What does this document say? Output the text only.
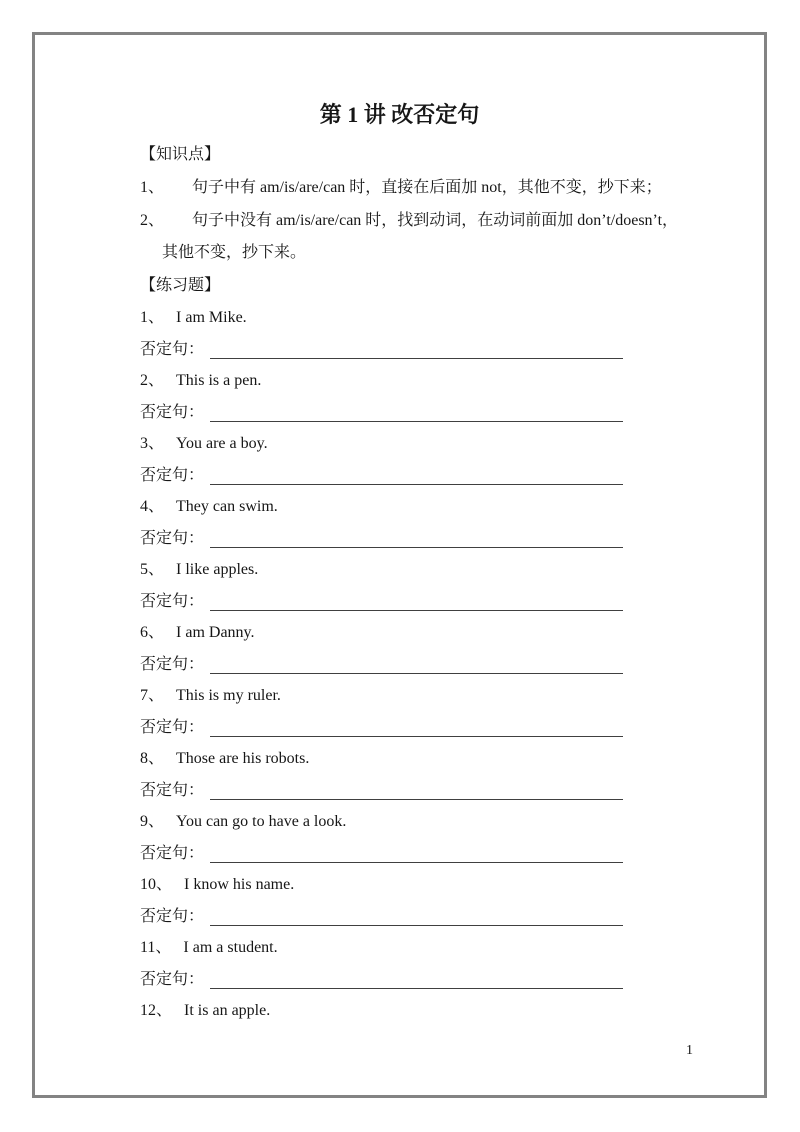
第 1 讲 改否定句
【知识点】
1、 句子中有 am/is/are/can 时，直接在后面加 not，其他不变，抄下来；
2、 句子中没有 am/is/are/can 时，找到动词，在动词前面加 don’t/doesn’t，
其他不变，抄下来。
【练习题】
1、 I am Mike.
否定句：
2、 This is a pen.
否定句：
3、 You are a boy.
否定句：
4、 They can swim.
否定句：
5、 I like apples.
否定句：
6、 I am Danny.
否定句：
7、 This is my ruler.
否定句：
8、 Those are his robots.
否定句：
9、 You can go to have a look.
否定句：
10、 I know his name.
否定句：
11、 I am a student.
否定句：
12、 It is an apple.
1
